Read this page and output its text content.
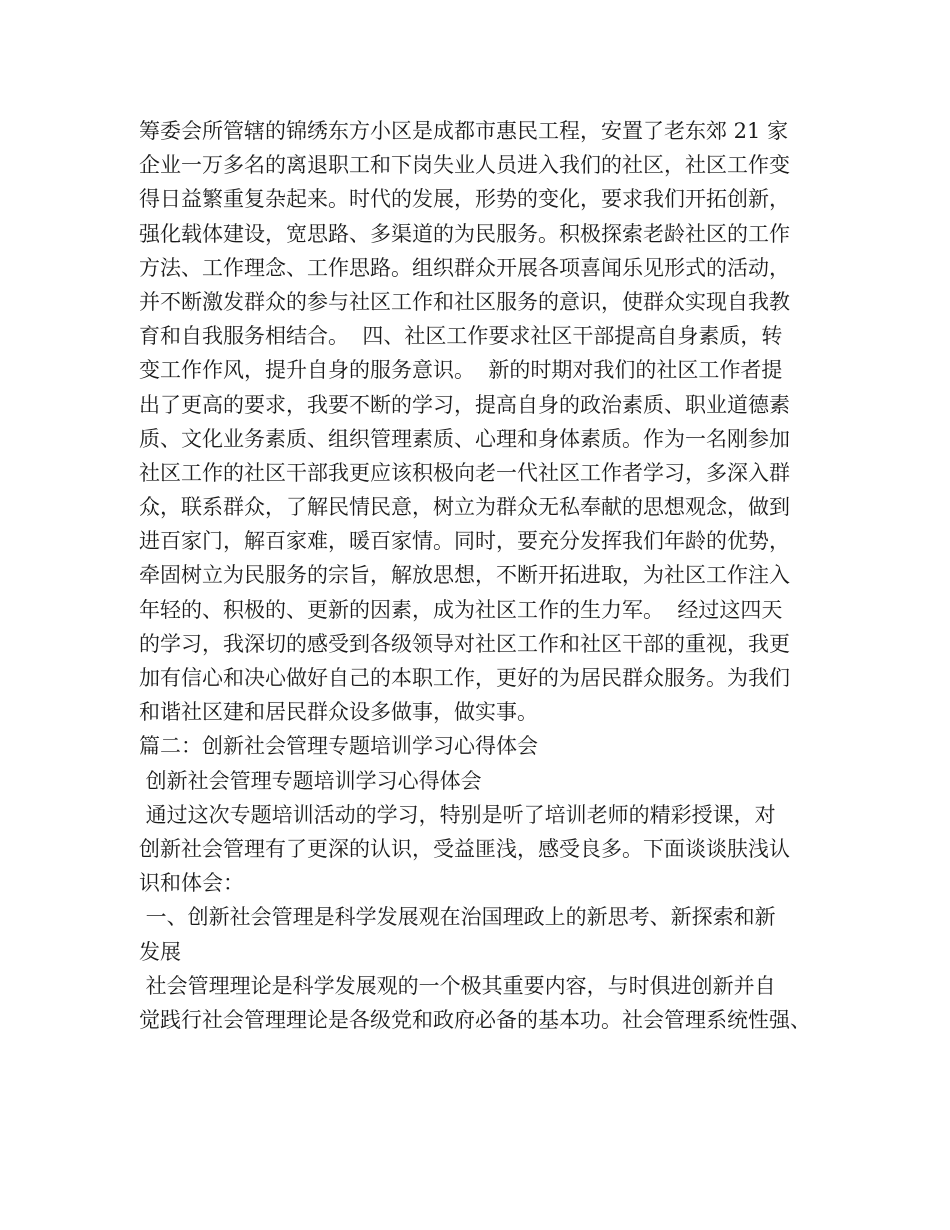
筹委会所管辖的锦绣东方小区是成都市惠民工程，安置了老东郊 21 家
企业一万多名的离退职工和下岗失业人员进入我们的社区，社区工作变
得日益繁重复杂起来。时代的发展，形势的变化，要求我们开拓创新，
强化载体建设，宽思路、多渠道的为民服务。积极探索老龄社区的工作
方法、工作理念、工作思路。组织群众开展各项喜闻乐见形式的活动，
并不断激发群众的参与社区工作和社区服务的意识，使群众实现自我教
育和自我服务相结合。  四、社区工作要求社区干部提高自身素质，转
变工作作风，提升自身的服务意识。  新的时期对我们的社区工作者提
出了更高的要求，我要不断的学习，提高自身的政治素质、职业道德素
质、文化业务素质、组织管理素质、心理和身体素质。作为一名刚参加
社区工作的社区干部我更应该积极向老一代社区工作者学习，多深入群
众，联系群众，了解民情民意，树立为群众无私奉献的思想观念，做到
进百家门，解百家难，暖百家情。同时，要充分发挥我们年龄的优势，
牵固树立为民服务的宗旨，解放思想，不断开拓进取，为社区工作注入
年轻的、积极的、更新的因素，成为社区工作的生力军。  经过这四天
的学习，我深切的感受到各级领导对社区工作和社区干部的重视，我更
加有信心和决心做好自己的本职工作，更好的为居民群众服务。为我们
和谐社区建和居民群众设多做事，做实事。
篇二：创新社会管理专题培训学习心得体会
创新社会管理专题培训学习心得体会
通过这次专题培训活动的学习，特别是听了培训老师的精彩授课，对
创新社会管理有了更深的认识，受益匪浅，感受良多。下面谈谈肤浅认
识和体会：
一、创新社会管理是科学发展观在治国理政上的新思考、新探索和新
发展
社会管理理论是科学发展观的一个极其重要内容，与时俱进创新并自
觉践行社会管理理论是各级党和政府必备的基本功。社会管理系统性强、
